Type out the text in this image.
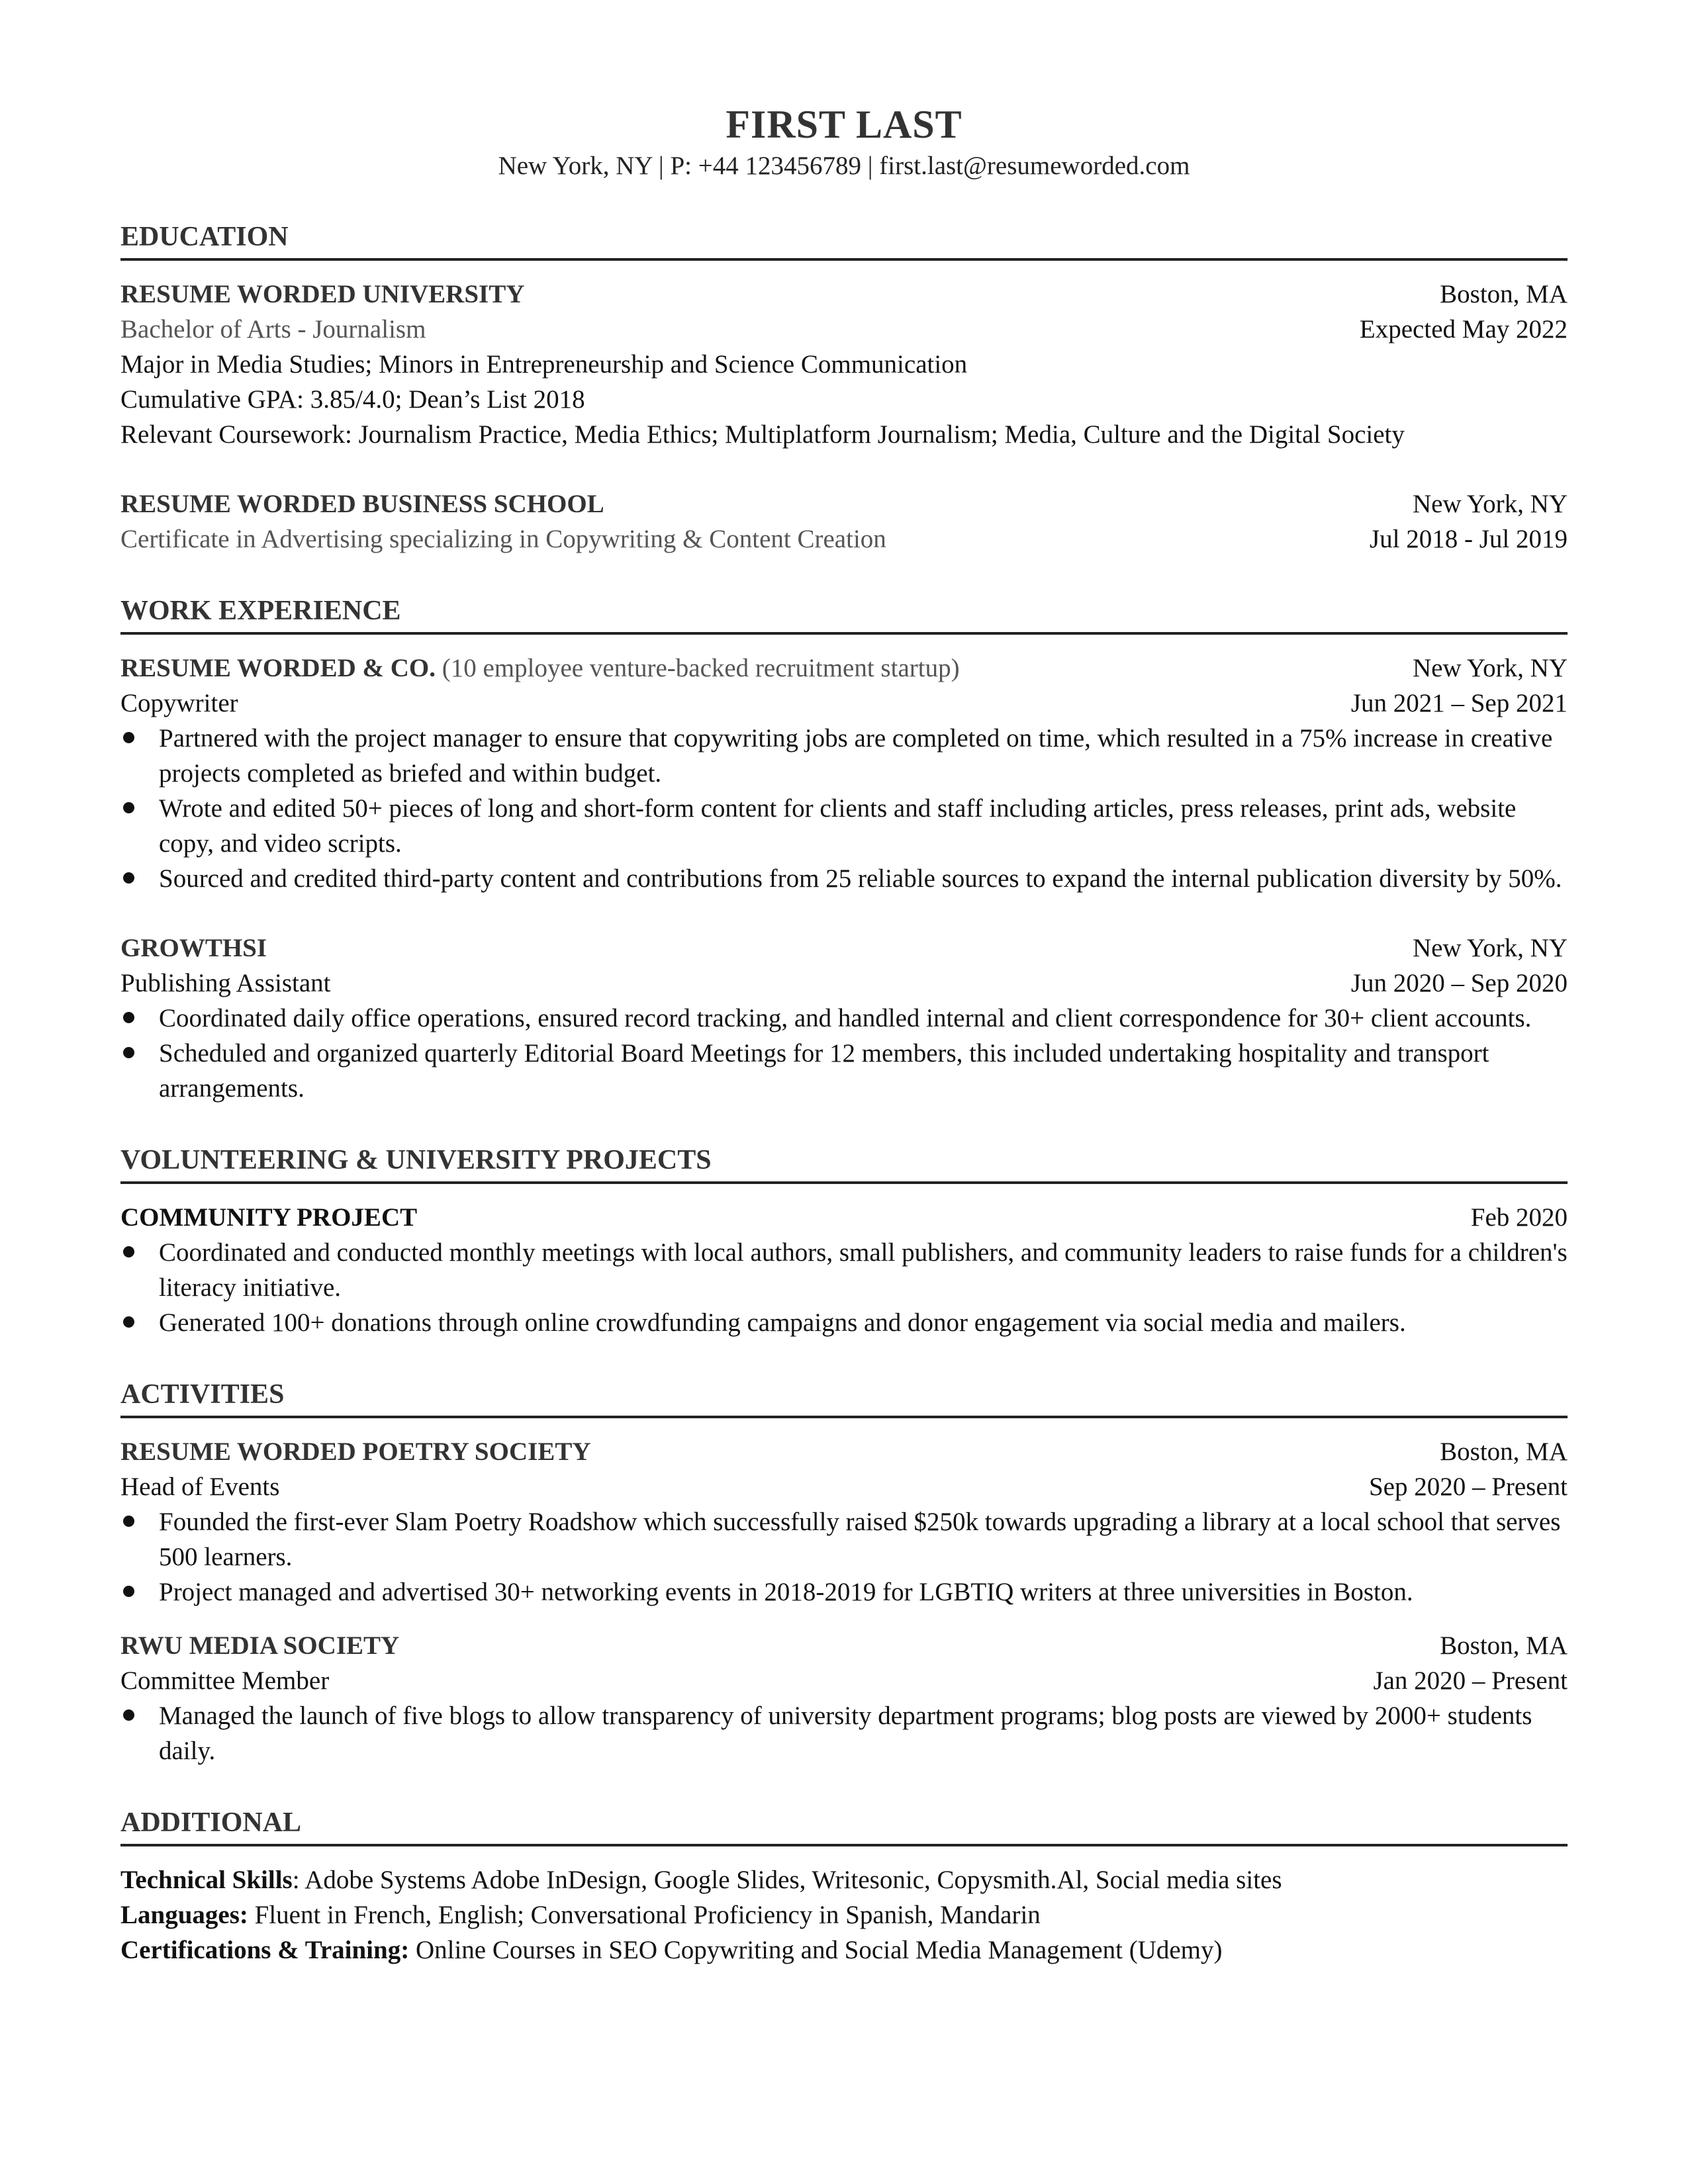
FIRST LAST
New York, NY | P: +44 123456789 | first.last@resumeworded.com
EDUCATION
RESUME WORDED UNIVERSITY	Boston, MA
Bachelor of Arts - Journalism	Expected May 2022
Major in Media Studies; Minors in Entrepreneurship and Science Communication
Cumulative GPA: 3.85/4.0; Dean’s List 2018
Relevant Coursework: Journalism Practice, Media Ethics; Multiplatform Journalism; Media, Culture and the Digital Society
RESUME WORDED BUSINESS SCHOOL	New York, NY
Certificate in Advertising specializing in Copywriting & Content Creation	Jul 2018 - Jul 2019
WORK EXPERIENCE
RESUME WORDED & CO. (10 employee venture-backed recruitment startup)	New York, NY
Copywriter	Jun 2021 – Sep 2021
Partnered with the project manager to ensure that copywriting jobs are completed on time, which resulted in a 75% increase in creative projects completed as briefed and within budget.
Wrote and edited 50+ pieces of long and short-form content for clients and staff including articles, press releases, print ads, website copy, and video scripts.
Sourced and credited third-party content and contributions from 25 reliable sources to expand the internal publication diversity by 50%.
GROWTHSI	New York, NY
Publishing Assistant	Jun 2020 – Sep 2020
Coordinated daily office operations, ensured record tracking, and handled internal and client correspondence for 30+ client accounts.
Scheduled and organized quarterly Editorial Board Meetings for 12 members, this included undertaking hospitality and transport arrangements.
VOLUNTEERING & UNIVERSITY PROJECTS
COMMUNITY PROJECT	Feb 2020
Coordinated and conducted monthly meetings with local authors, small publishers, and community leaders to raise funds for a children's literacy initiative.
Generated 100+ donations through online crowdfunding campaigns and donor engagement via social media and mailers.
ACTIVITIES
RESUME WORDED POETRY SOCIETY	Boston, MA
Head of Events	Sep 2020 – Present
Founded the first-ever Slam Poetry Roadshow which successfully raised $250k towards upgrading a library at a local school that serves 500 learners.
Project managed and advertised 30+ networking events in 2018-2019 for LGBTIQ writers at three universities in Boston.
RWU MEDIA SOCIETY	Boston, MA
Committee Member	Jan 2020 – Present
Managed the launch of five blogs to allow transparency of university department programs; blog posts are viewed by 2000+ students daily.
ADDITIONAL
Technical Skills: Adobe Systems Adobe InDesign, Google Slides, Writesonic, Copysmith.Al, Social media sites
Languages: Fluent in French, English; Conversational Proficiency in Spanish, Mandarin
Certifications & Training: Online Courses in SEO Copywriting and Social Media Management (Udemy)
